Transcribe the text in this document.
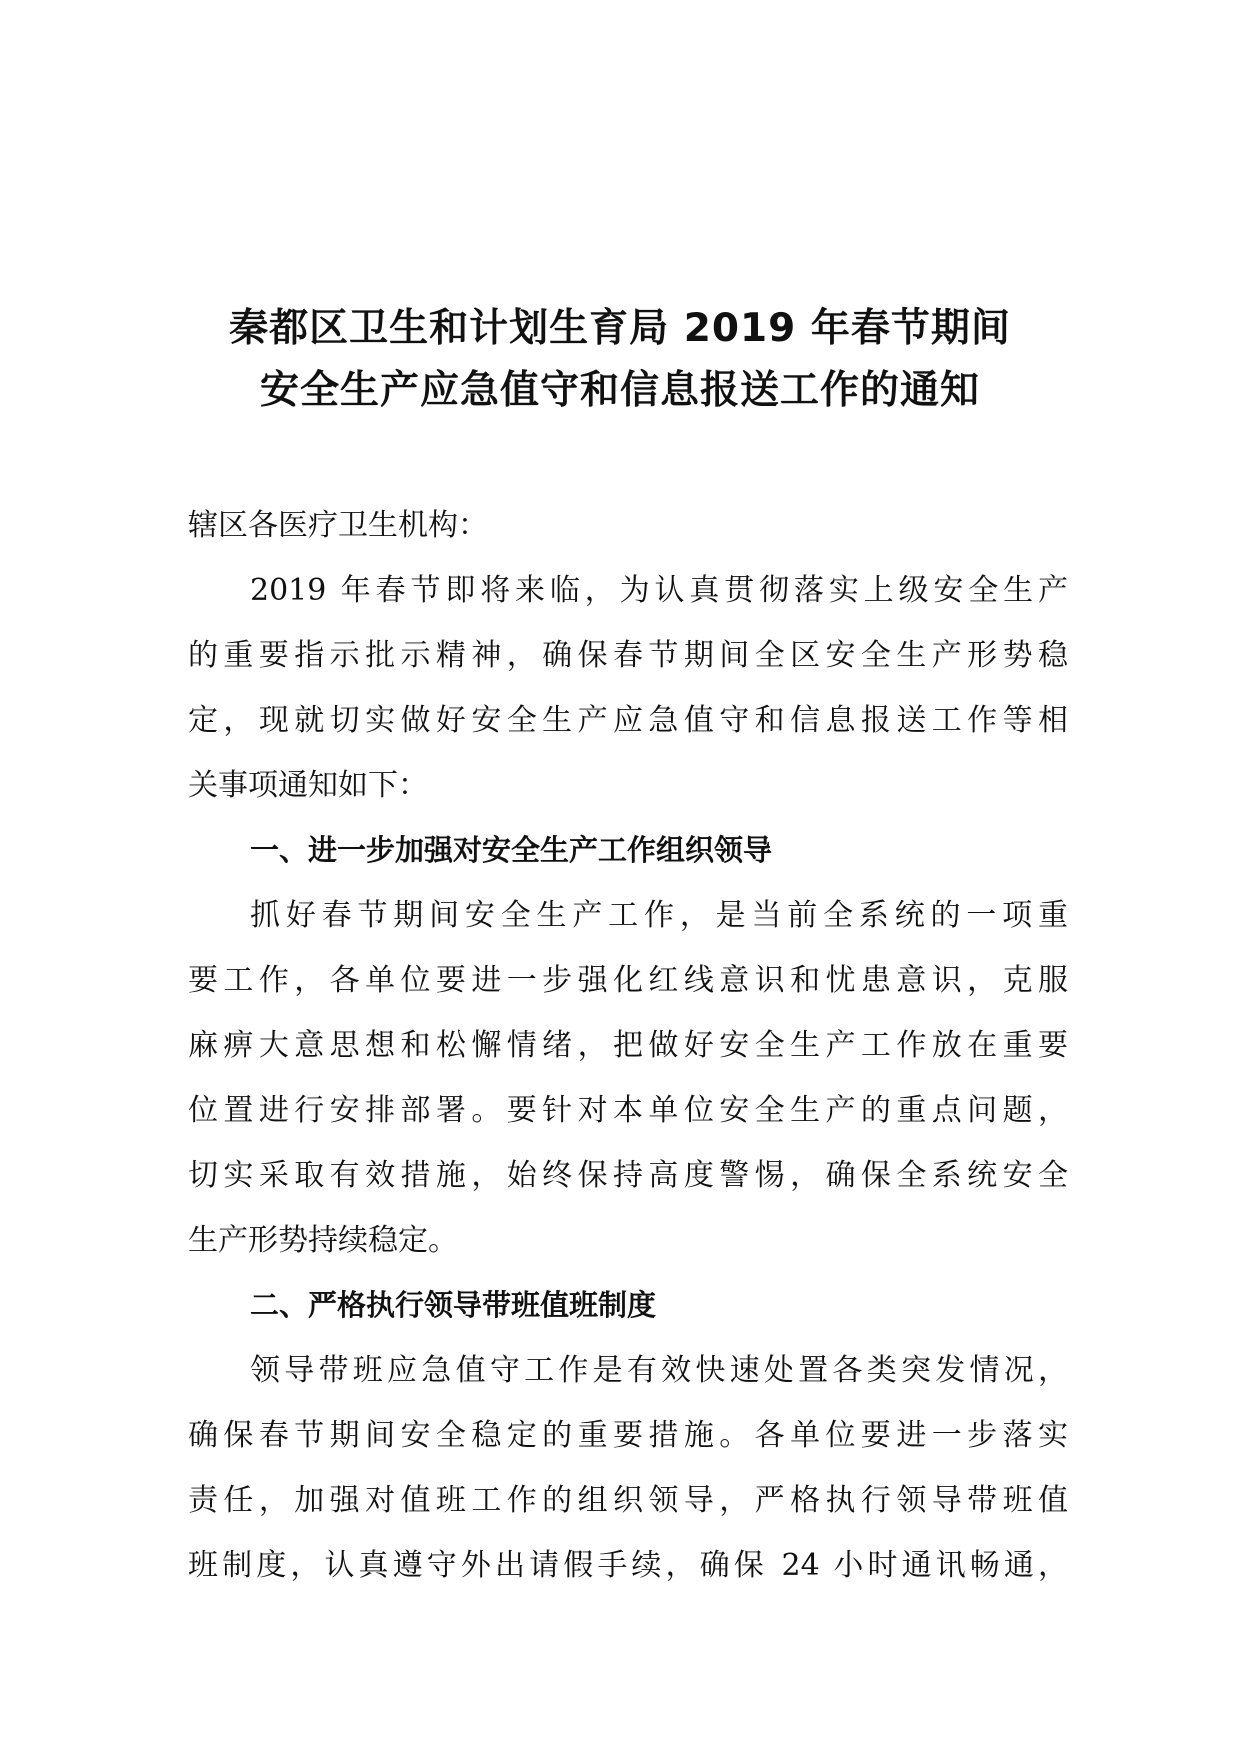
秦都区卫生和计划生育局 2019 年春节期间
安全生产应急值守和信息报送工作的通知
辖区各医疗卫生机构：
2019 年春节即将来临，为认真贯彻落实上级安全生产
的重要指示批示精神，确保春节期间全区安全生产形势稳
定，现就切实做好安全生产应急值守和信息报送工作等相
关事项通知如下：
一、进一步加强对安全生产工作组织领导
抓好春节期间安全生产工作，是当前全系统的一项重
要工作，各单位要进一步强化红线意识和忧患意识，克服
麻痹大意思想和松懈情绪，把做好安全生产工作放在重要
位置进行安排部署。要针对本单位安全生产的重点问题，
切实采取有效措施，始终保持高度警惕，确保全系统安全
生产形势持续稳定。
二、严格执行领导带班值班制度
领导带班应急值守工作是有效快速处置各类突发情况，
确保春节期间安全稳定的重要措施。各单位要进一步落实
责任，加强对值班工作的组织领导，严格执行领导带班值
班制度，认真遵守外出请假手续，确保 24 小时通讯畅通，
